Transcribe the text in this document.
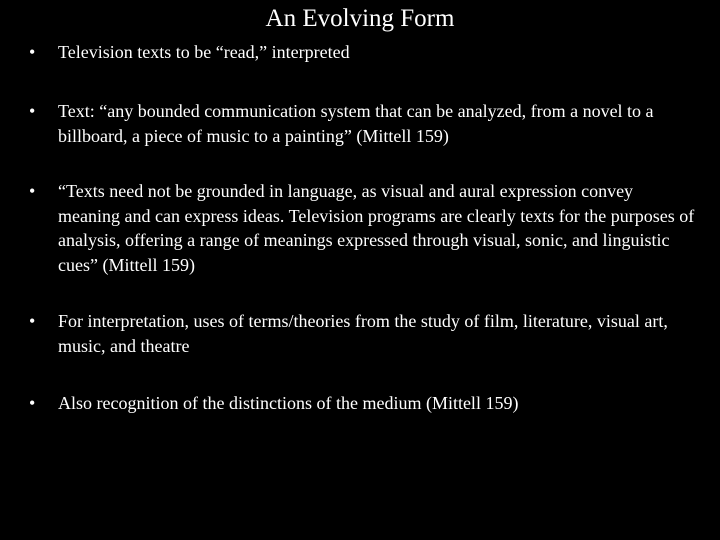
An Evolving Form
• Television texts to be “read,” interpreted
• Text: “any bounded communication system that can be analyzed, from a novel to a billboard, a piece of music to a painting” (Mittell 159)
• “Texts need not be grounded in language, as visual and aural expression convey meaning and can express ideas. Television programs are clearly texts for the purposes of analysis, offering a range of meanings expressed through visual, sonic, and linguistic cues” (Mittell 159)
• For interpretation, uses of terms/theories from the study of film, literature, visual art, music, and theatre
• Also recognition of the distinctions of the medium (Mittell 159)
